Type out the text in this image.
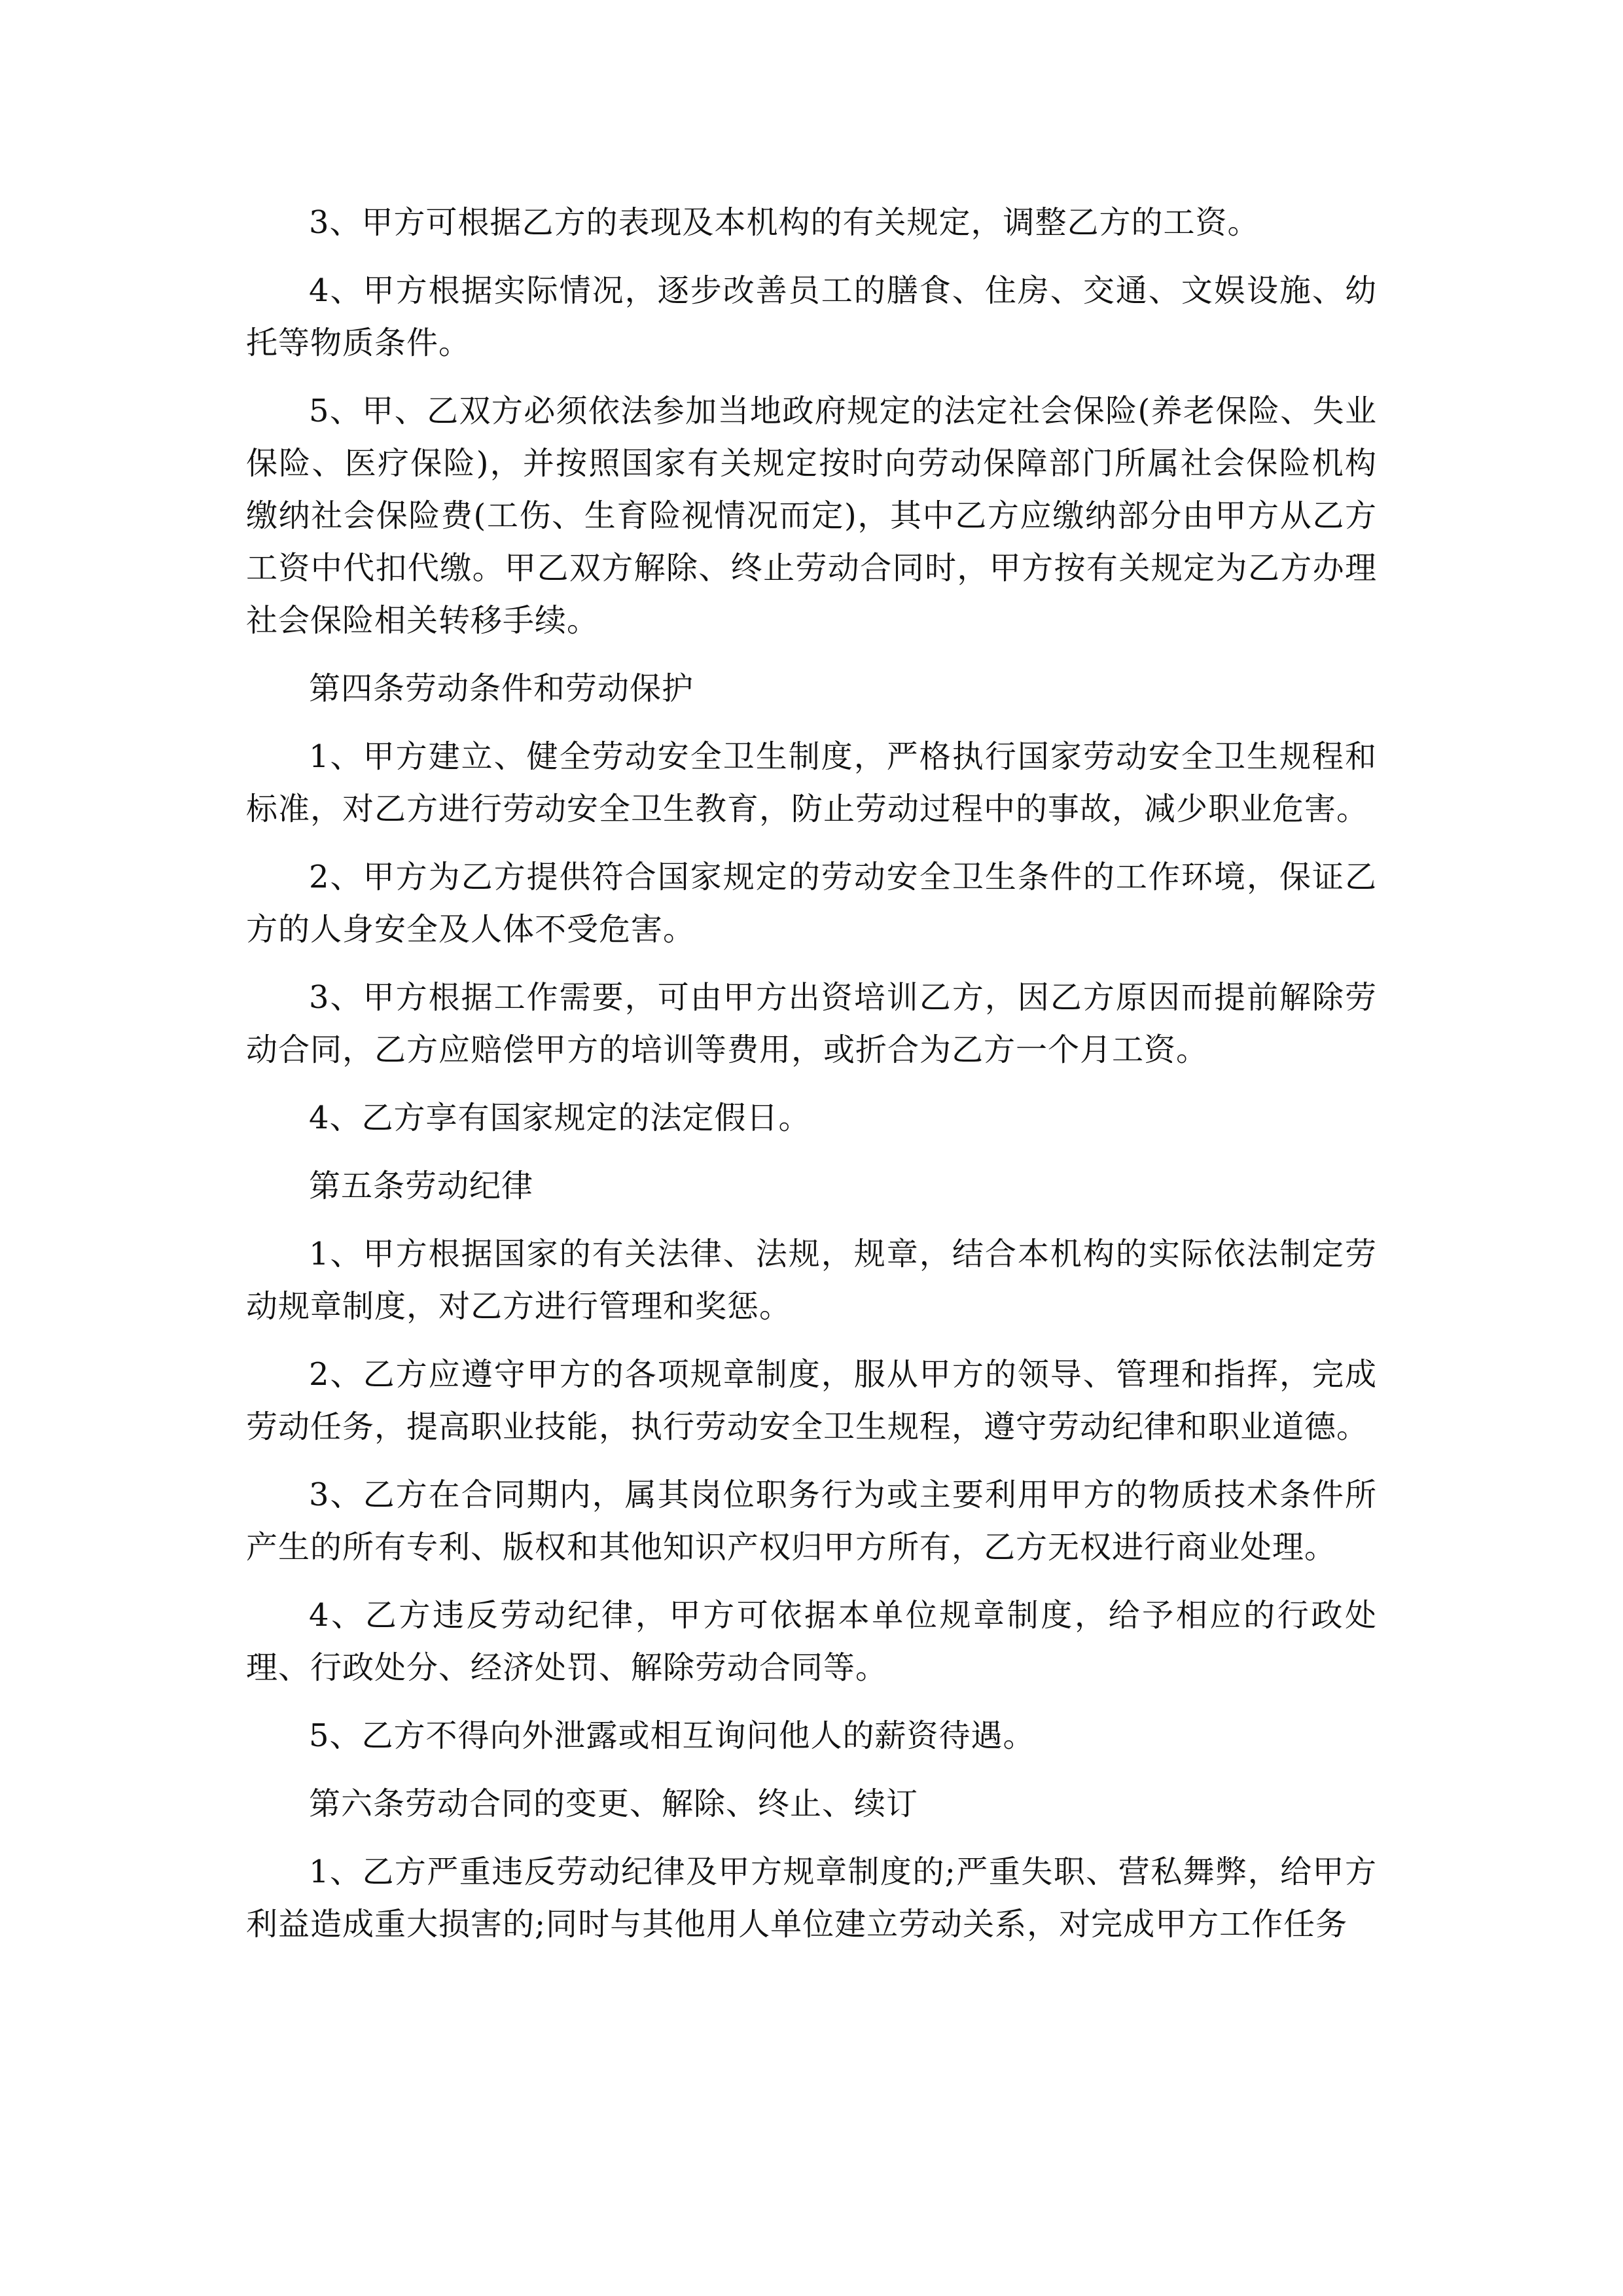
3、甲方可根据乙方的表现及本机构的有关规定，调整乙方的工资。

4、甲方根据实际情况，逐步改善员工的膳食、住房、交通、文娱设施、幼托等物质条件。

5、甲、乙双方必须依法参加当地政府规定的法定社会保险(养老保险、失业保险、医疗保险)，并按照国家有关规定按时向劳动保障部门所属社会保险机构缴纳社会保险费(工伤、生育险视情况而定)，其中乙方应缴纳部分由甲方从乙方工资中代扣代缴。甲乙双方解除、终止劳动合同时，甲方按有关规定为乙方办理社会保险相关转移手续。

第四条劳动条件和劳动保护

1、甲方建立、健全劳动安全卫生制度，严格执行国家劳动安全卫生规程和标准，对乙方进行劳动安全卫生教育，防止劳动过程中的事故，减少职业危害。

2、甲方为乙方提供符合国家规定的劳动安全卫生条件的工作环境，保证乙方的人身安全及人体不受危害。

3、甲方根据工作需要，可由甲方出资培训乙方，因乙方原因而提前解除劳动合同，乙方应赔偿甲方的培训等费用，或折合为乙方一个月工资。

4、乙方享有国家规定的法定假日。

第五条劳动纪律

1、甲方根据国家的有关法律、法规，规章，结合本机构的实际依法制定劳动规章制度，对乙方进行管理和奖惩。

2、乙方应遵守甲方的各项规章制度，服从甲方的领导、管理和指挥，完成劳动任务，提高职业技能，执行劳动安全卫生规程，遵守劳动纪律和职业道德。

3、乙方在合同期内，属其岗位职务行为或主要利用甲方的物质技术条件所产生的所有专利、版权和其他知识产权归甲方所有，乙方无权进行商业处理。

4、乙方违反劳动纪律，甲方可依据本单位规章制度，给予相应的行政处理、行政处分、经济处罚、解除劳动合同等。

5、乙方不得向外泄露或相互询问他人的薪资待遇。

第六条劳动合同的变更、解除、终止、续订

1、乙方严重违反劳动纪律及甲方规章制度的;严重失职、营私舞弊，给甲方利益造成重大损害的;同时与其他用人单位建立劳动关系，对完成甲方工作任务
